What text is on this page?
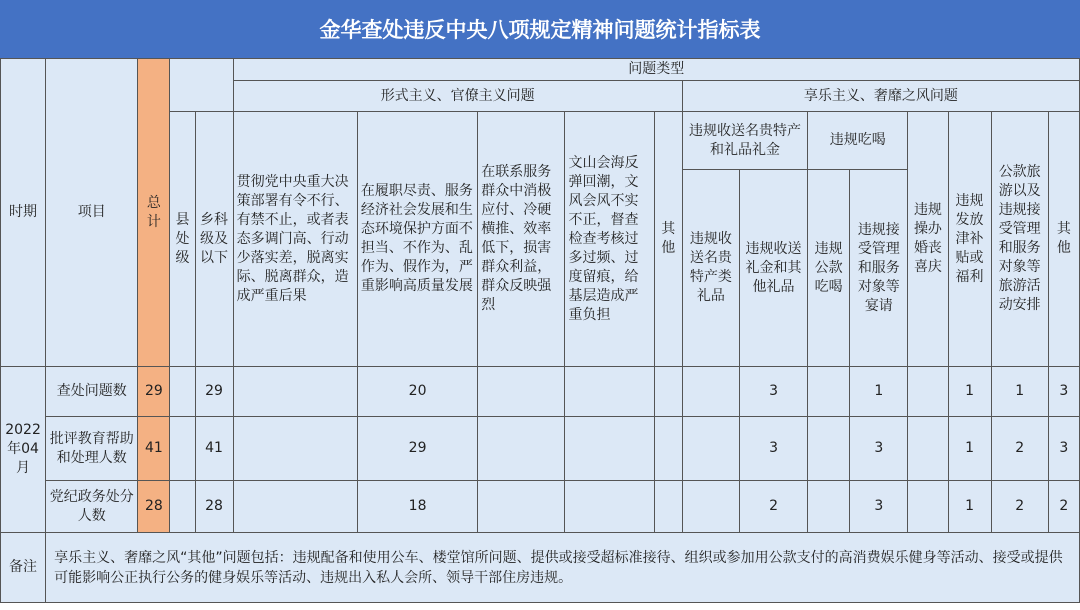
金华查处违反中央八项规定精神问题统计指标表
时期	项目	总计			问题类型												
					形式主义、官僚主义问题					享乐主义、奢靡之风问题							
			县处级	乡科级及以下	贯彻党中央重大决策部署有令不行、有禁不止，或者表态多调门高、行动少落实差，脱离实际、脱离群众，造成严重后果	在履职尽责、服务经济社会发展和生态环境保护方面不担当、不作为、乱作为、假作为，严重影响高质量发展	在联系服务群众中消极应付、冷硬横推、效率低下，损害群众利益，群众反映强烈	文山会海反弹回潮，文风会风不实不正，督查检查考核过多过频、过度留痕，给基层造成严重负担	其他	违规收送名贵特产和礼品礼金		违规吃喝		违规操办婚丧喜庆	违规发放津补贴或福利	公款旅游以及违规接受管理和服务对象等旅游活动安排	其他
										违规收送名贵特产类礼品	违规收送礼金和其他礼品	违规公款吃喝	违规接受管理和服务对象等宴请				
2022年04月	查处问题数	29		29		20					3		1		1	1	3
	批评教育帮助和处理人数	41		41		29					3		3		1	2	3
	党纪政务处分人数	28		28		18					2		3		1	2	2
备注	享乐主义、奢靡之风“其他”问题包括：违规配备和使用公车、楼堂馆所问题、提供或接受超标准接待、组织或参加用公款支付的高消费娱乐健身等活动、接受或提供可能影响公正执行公务的健身娱乐等活动、违规出入私人会所、领导干部住房违规。																
